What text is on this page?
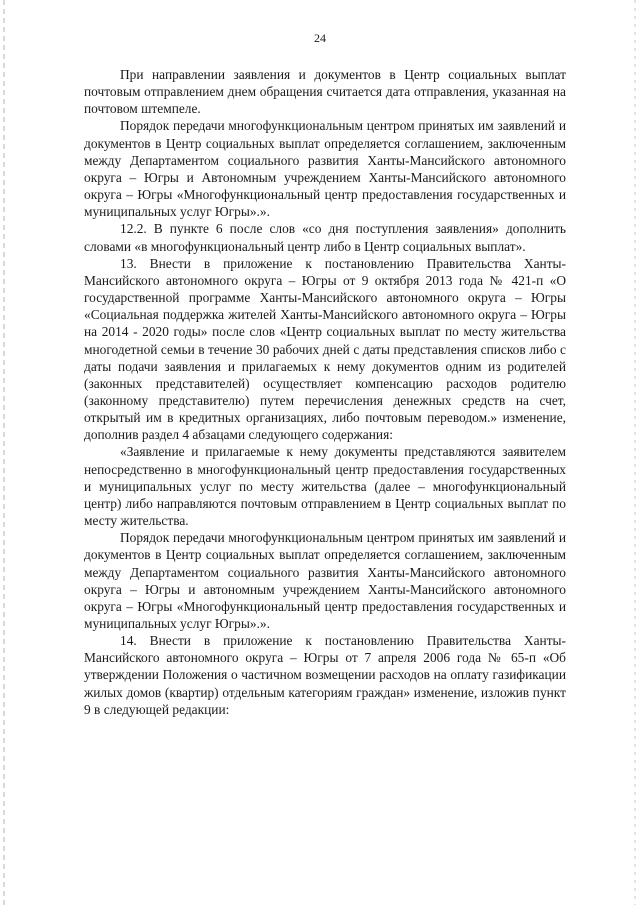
24

При направлении заявления и документов в Центр социальных выплат почтовым отправлением днем обращения считается дата отправления, указанная на почтовом штемпеле.

Порядок передачи многофункциональным центром принятых им заявлений и документов в Центр социальных выплат определяется соглашением, заключенным между Департаментом социального развития Ханты-Мансийского автономного округа – Югры и Автономным учреждением Ханты-Мансийского автономного округа – Югры «Многофункциональный центр предоставления государственных и муниципальных услуг Югры».».

12.2. В пункте 6 после слов «со дня поступления заявления» дополнить словами «в многофункциональный центр либо в Центр социальных выплат».

13. Внести в приложение к постановлению Правительства Ханты-Мансийского автономного округа – Югры от 9 октября 2013 года № 421-п «О государственной программе Ханты-Мансийского автономного округа – Югры «Социальная поддержка жителей Ханты-Мансийского автономного округа – Югры на 2014 - 2020 годы» после слов «Центр социальных выплат по месту жительства многодетной семьи в течение 30 рабочих дней с даты представления списков либо с даты подачи заявления и прилагаемых к нему документов одним из родителей (законных представителей) осуществляет компенсацию расходов родителю (законному представителю) путем перечисления денежных средств на счет, открытый им в кредитных организациях, либо почтовым переводом.» изменение, дополнив раздел 4 абзацами следующего содержания:

«Заявление и прилагаемые к нему документы представляются заявителем непосредственно в многофункциональный центр предоставления государственных и муниципальных услуг по месту жительства (далее – многофункциональный центр) либо направляются почтовым отправлением в Центр социальных выплат по месту жительства.

Порядок передачи многофункциональным центром принятых им заявлений и документов в Центр социальных выплат определяется соглашением, заключенным между Департаментом социального развития Ханты-Мансийского автономного округа – Югры и автономным учреждением Ханты-Мансийского автономного округа – Югры «Многофункциональный центр предоставления государственных и муниципальных услуг Югры».».

14. Внести в приложение к постановлению Правительства Ханты-Мансийского автономного округа – Югры от 7 апреля 2006 года № 65-п «Об утверждении Положения о частичном возмещении расходов на оплату газификации жилых домов (квартир) отдельным категориям граждан» изменение, изложив пункт 9 в следующей редакции:
